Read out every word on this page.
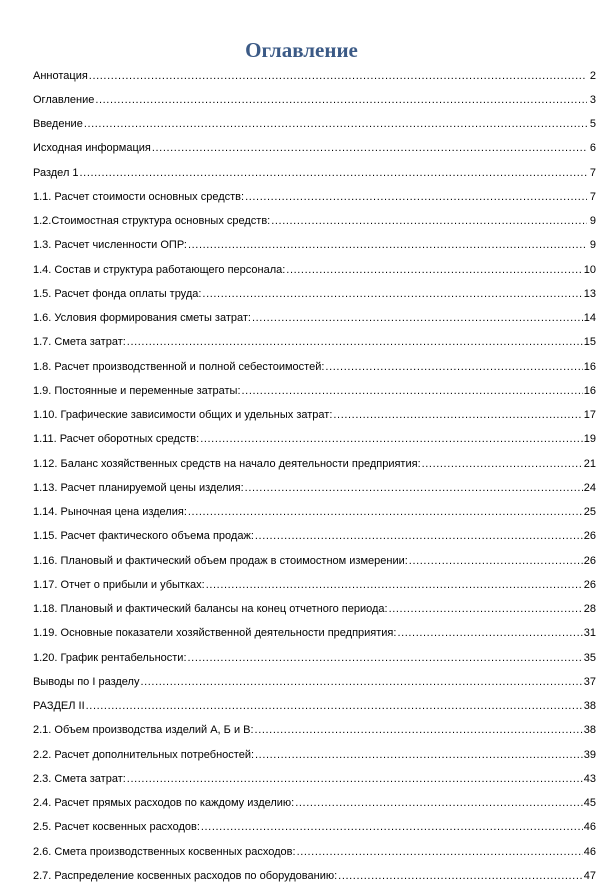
Оглавление
Аннотация .....	2
Оглавление .....	3
Введение .....	5
Исходная информация .....	6
Раздел 1 .....	7
1.1. Расчет стоимости основных средств: .....	7
1.2.Стоимостная структура основных средств: .....	9
1.3. Расчет численности ОПР: .....	9
1.4. Состав и структура работающего персонала: .....	10
1.5. Расчет фонда оплаты труда: .....	13
1.6. Условия формирования сметы затрат: .....	14
1.7. Смета затрат: .....	15
1.8. Расчет производственной и полной себестоимостей: .....	16
1.9. Постоянные и переменные затраты: .....	16
1.10. Графические зависимости общих и удельных затрат: .....	17
1.11. Расчет оборотных средств: .....	19
1.12. Баланс хозяйственных средств на начало деятельности предприятия: .....	21
1.13. Расчет планируемой цены изделия: .....	24
1.14. Рыночная цена изделия: .....	25
1.15. Расчет фактического объема продаж: .....	26
1.16. Плановый и фактический объем продаж в стоимостном измерении: .....	26
1.17. Отчет о прибыли и убытках: .....	26
1.18. Плановый и фактический балансы на конец отчетного периода: .....	28
1.19. Основные показатели хозяйственной деятельности предприятия: .....	31
1.20. График рентабельности: .....	35
Выводы по I разделу .....	37
РАЗДЕЛ II .....	38
2.1. Объем производства изделий А, Б и В: .....	38
2.2. Расчет дополнительных потребностей: .....	39
2.3. Смета затрат: .....	43
2.4. Расчет прямых расходов по каждому изделию: .....	45
2.5. Расчет косвенных расходов: .....	46
2.6. Смета производственных косвенных расходов: .....	46
2.7. Распределение косвенных расходов по оборудованию: .....	47
